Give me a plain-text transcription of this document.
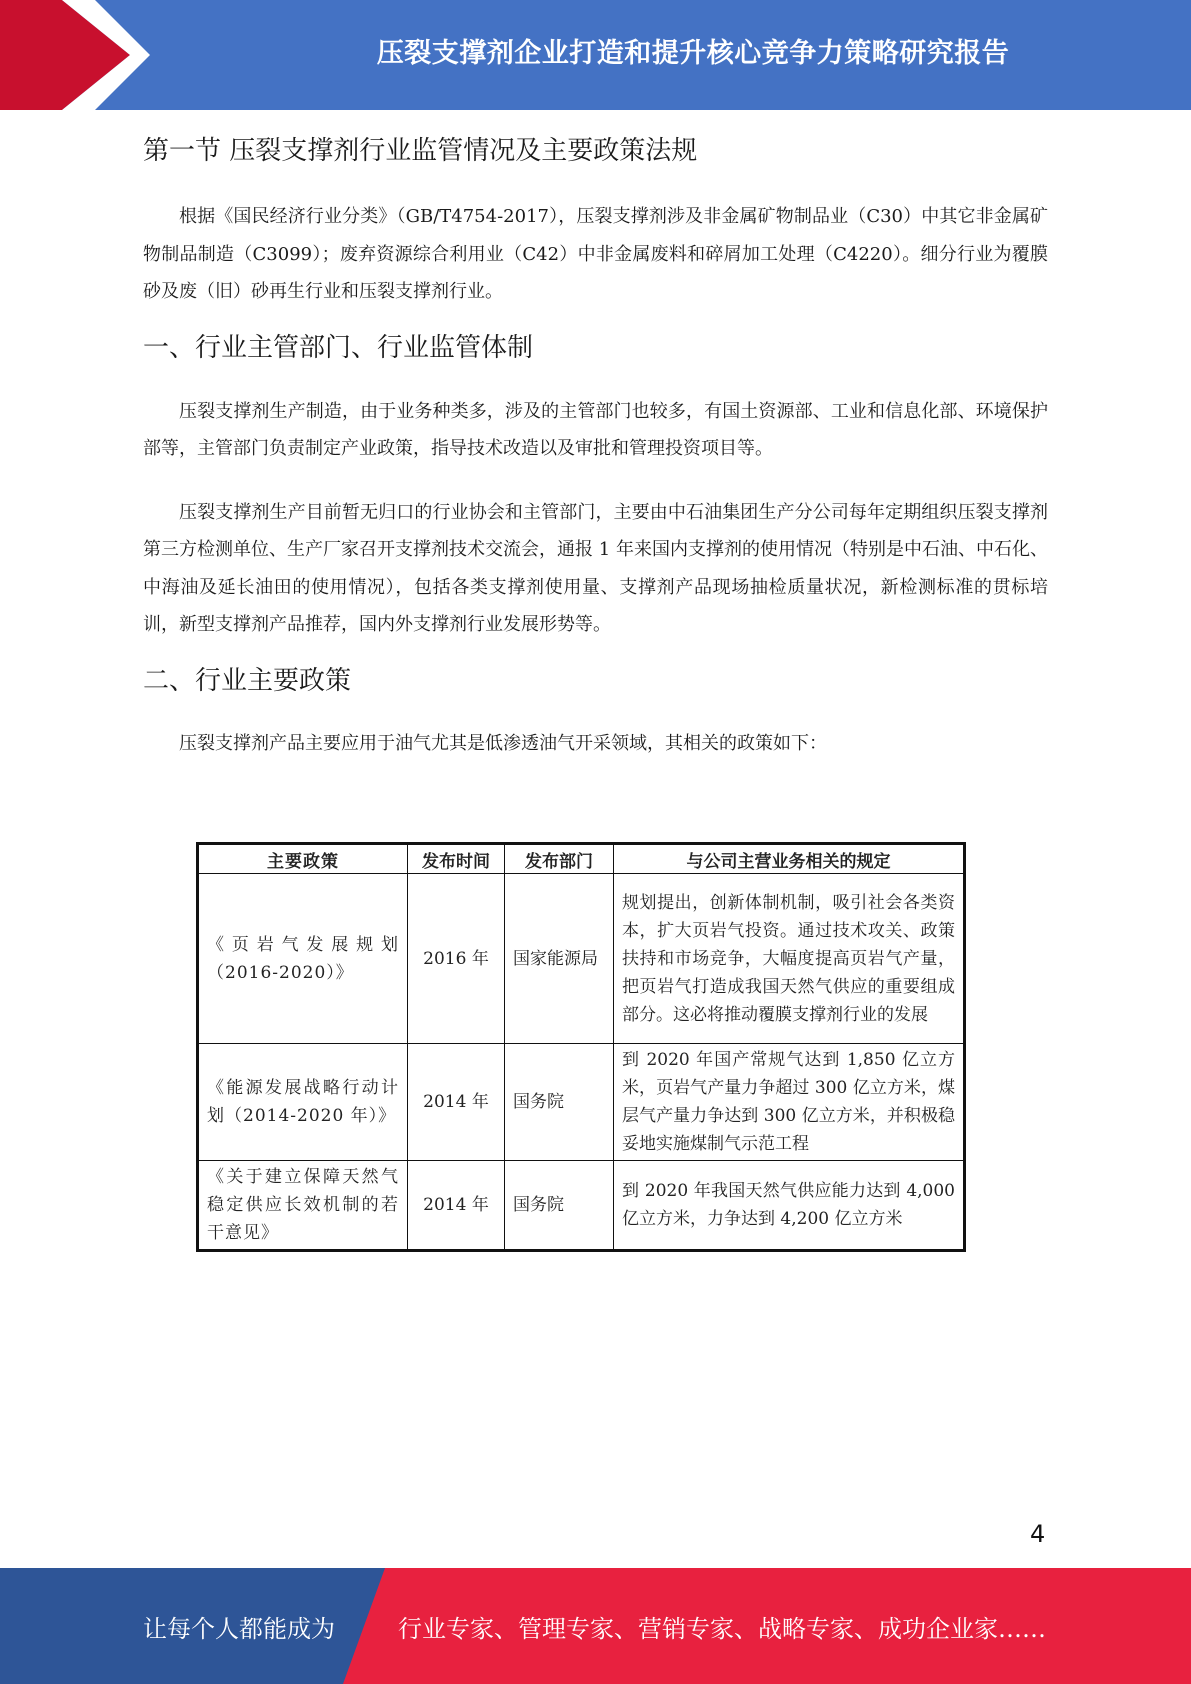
压裂支撑剂企业打造和提升核心竞争力策略研究报告
第一节 压裂支撑剂行业监管情况及主要政策法规

根据《国民经济行业分类》（GB/T4754-2017），压裂支撑剂涉及非金属矿物制品业（C30）中其它非金属矿物制品制造（C3099）；废弃资源综合利用业（C42）中非金属废料和碎屑加工处理（C4220）。细分行业为覆膜砂及废（旧）砂再生行业和压裂支撑剂行业。

一、行业主管部门、行业监管体制

压裂支撑剂生产制造，由于业务种类多，涉及的主管部门也较多，有国土资源部、工业和信息化部、环境保护部等，主管部门负责制定产业政策，指导技术改造以及审批和管理投资项目等。

压裂支撑剂生产目前暂无归口的行业协会和主管部门，主要由中石油集团生产分公司每年定期组织压裂支撑剂第三方检测单位、生产厂家召开支撑剂技术交流会，通报 1 年来国内支撑剂的使用情况（特别是中石油、中石化、中海油及延长油田的使用情况），包括各类支撑剂使用量、支撑剂产品现场抽检质量状况，新检测标准的贯标培训，新型支撑剂产品推荐，国内外支撑剂行业发展形势等。

二、行业主要政策

压裂支撑剂产品主要应用于油气尤其是低渗透油气开采领域，其相关的政策如下：

主要政策	发布时间	发布部门	与公司主营业务相关的规定
《页岩气发展规划（2016-2020）》	2016 年	国家能源局	规划提出，创新体制机制，吸引社会各类资本，扩大页岩气投资。通过技术攻关、政策扶持和市场竞争，大幅度提高页岩气产量，把页岩气打造成我国天然气供应的重要组成部分。这必将推动覆膜支撑剂行业的发展
《能源发展战略行动计划（2014-2020 年）》	2014 年	国务院	到 2020 年国产常规气达到 1,850 亿立方米，页岩气产量力争超过 300 亿立方米，煤层气产量力争达到 300 亿立方米，并积极稳妥地实施煤制气示范工程
《关于建立保障天然气稳定供应长效机制的若干意见》	2014 年	国务院	到 2020 年我国天然气供应能力达到 4,000 亿立方米，力争达到 4,200 亿立方米
4
让每个人都能成为	行业专家、管理专家、营销专家、战略专家、成功企业家……
